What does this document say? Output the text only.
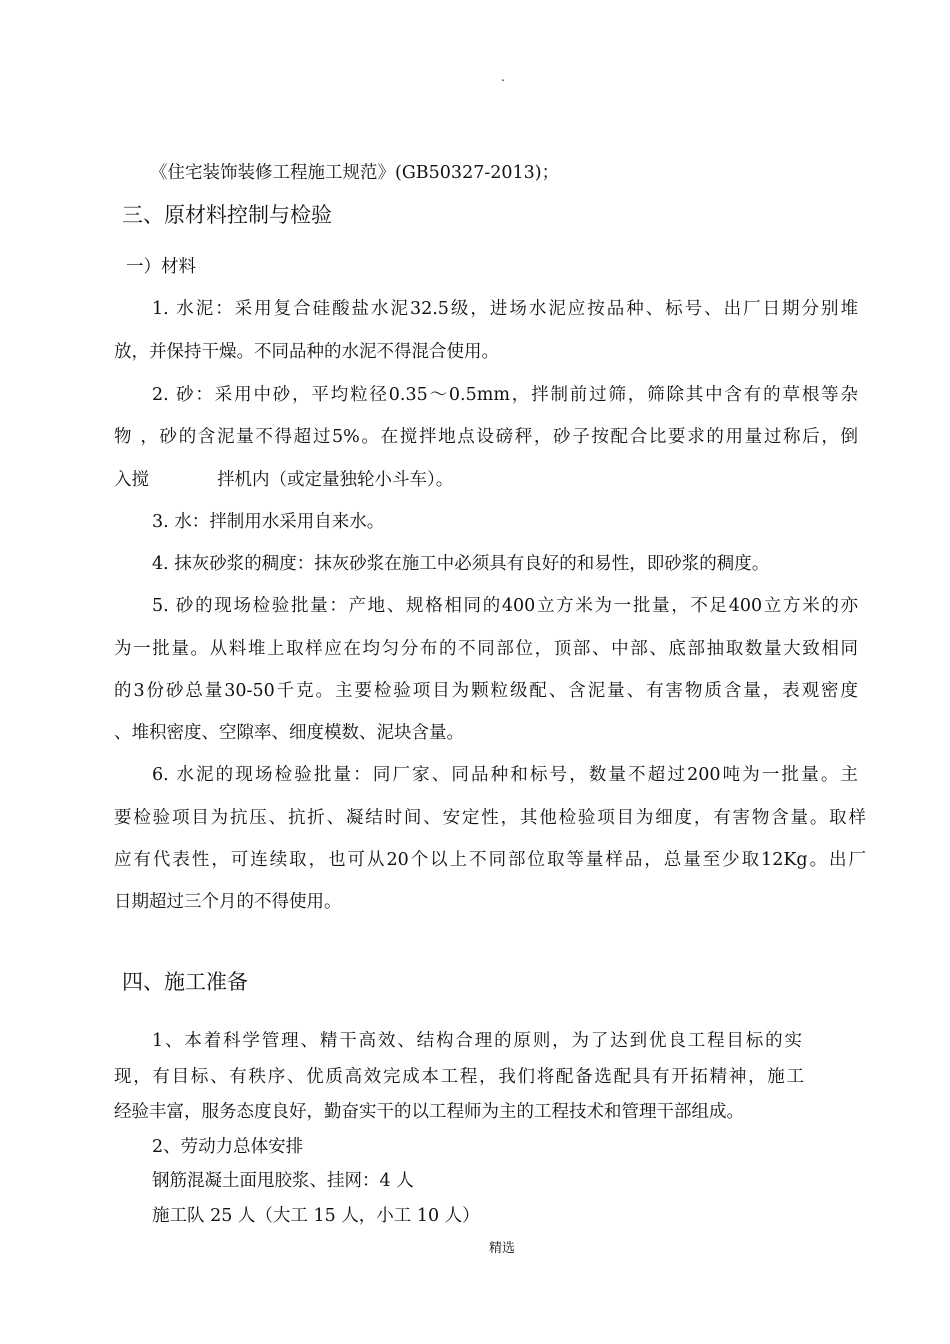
.
《住宅装饰装修工程施工规范》(GB50327-2013)；
三、原材料控制与检验
一）材料
1. 水泥：采用复合硅酸盐水泥32.5级，进场水泥应按品种、标号、出厂日期分别堆
放，并保持干燥。不同品种的水泥不得混合使用。
2. 砂：采用中砂，平均粒径0.35～0.5mm，拌制前过筛，筛除其中含有的草根等杂
物 ，砂的含泥量不得超过5%。在搅拌地点设磅秤，砂子按配合比要求的用量过称后，倒
入搅	拌机内（或定量独轮小斗车）。
3. 水：拌制用水采用自来水。
4. 抹灰砂浆的稠度：抹灰砂浆在施工中必须具有良好的和易性，即砂浆的稠度。
5. 砂的现场检验批量：产地、规格相同的400立方米为一批量，不足400立方米的亦
为一批量。从料堆上取样应在均匀分布的不同部位，顶部、中部、底部抽取数量大致相同
的3份砂总量30-50千克。主要检验项目为颗粒级配、含泥量、有害物质含量，表观密度
、堆积密度、空隙率、细度模数、泥块含量。
6. 水泥的现场检验批量：同厂家、同品种和标号，数量不超过200吨为一批量。主
要检验项目为抗压、抗折、凝结时间、安定性，其他检验项目为细度，有害物含量。取样
应有代表性，可连续取，也可从20个以上不同部位取等量样品，总量至少取12Kg。出厂
日期超过三个月的不得使用。
四、施工准备
1、本着科学管理、精干高效、结构合理的原则，为了达到优良工程目标的实
现，有目标、有秩序、优质高效完成本工程，我们将配备选配具有开拓精神，施工
经验丰富，服务态度良好，勤奋实干的以工程师为主的工程技术和管理干部组成。
2、劳动力总体安排
钢筋混凝土面甩胶浆、挂网：4 人
施工队 25 人（大工 15 人，小工 10 人）
精选
